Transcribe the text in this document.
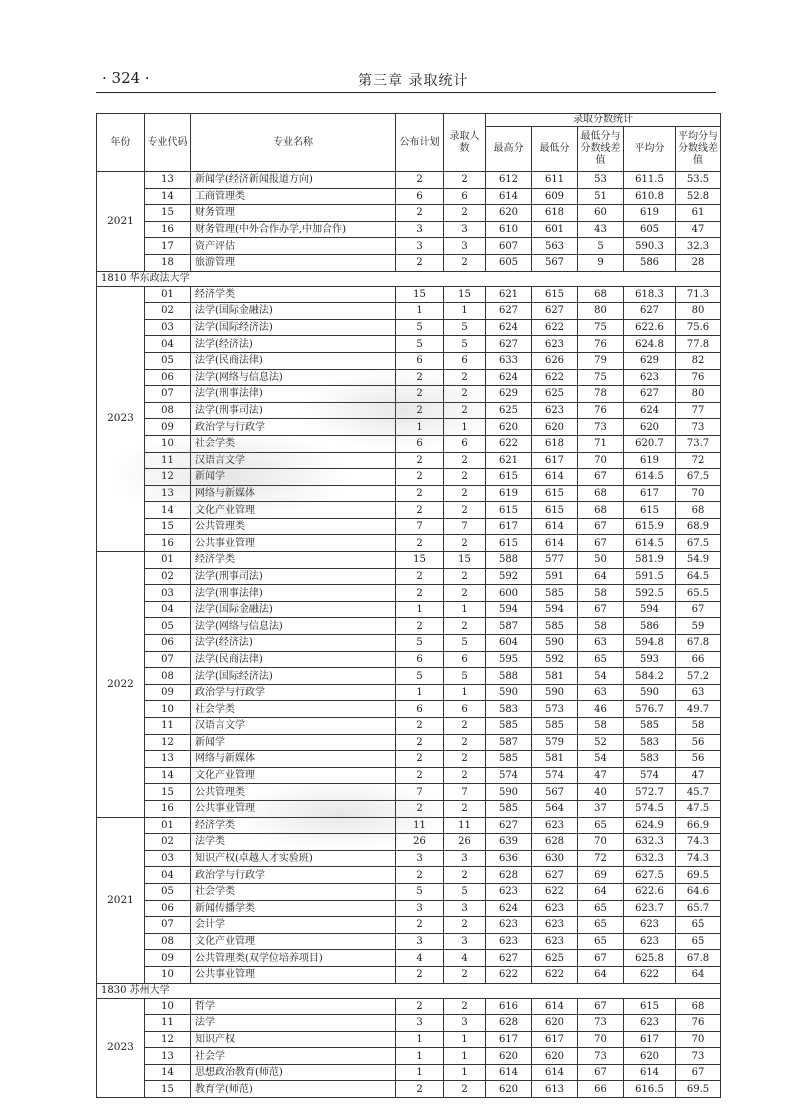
· 324 ·	第三章 录取统计
年份	专业代码	专业名称	公布计划	录取人数	录取分数统计				
					最高分	最低分	最低分与分数线差值	平均分	平均分与分数线差值
2021	13	新闻学(经济新闻报道方向)	2	2	612	611	53	611.5	53.5
	14	工商管理类	6	6	614	609	51	610.8	52.8
	15	财务管理	2	2	620	618	60	619	61
	16	财务管理(中外合作办学,中加合作)	3	3	610	601	43	605	47
	17	资产评估	3	3	607	563	5	590.3	32.3
	18	旅游管理	2	2	605	567	9	586	28
1810 华东政法大学									
2023	01	经济学类	15	15	621	615	68	618.3	71.3
	02	法学(国际金融法)	1	1	627	627	80	627	80
	03	法学(国际经济法)	5	5	624	622	75	622.6	75.6
	04	法学(经济法)	5	5	627	623	76	624.8	77.8
	05	法学(民商法律)	6	6	633	626	79	629	82
	06	法学(网络与信息法)	2	2	624	622	75	623	76
	07	法学(刑事法律)	2	2	629	625	78	627	80
	08	法学(刑事司法)	2	2	625	623	76	624	77
	09	政治学与行政学	1	1	620	620	73	620	73
	10	社会学类	6	6	622	618	71	620.7	73.7
	11	汉语言文学	2	2	621	617	70	619	72
	12	新闻学	2	2	615	614	67	614.5	67.5
	13	网络与新媒体	2	2	619	615	68	617	70
	14	文化产业管理	2	2	615	615	68	615	68
	15	公共管理类	7	7	617	614	67	615.9	68.9
	16	公共事业管理	2	2	615	614	67	614.5	67.5
2022	01	经济学类	15	15	588	577	50	581.9	54.9
	02	法学(刑事司法)	2	2	592	591	64	591.5	64.5
	03	法学(刑事法律)	2	2	600	585	58	592.5	65.5
	04	法学(国际金融法)	1	1	594	594	67	594	67
	05	法学(网络与信息法)	2	2	587	585	58	586	59
	06	法学(经济法)	5	5	604	590	63	594.8	67.8
	07	法学(民商法律)	6	6	595	592	65	593	66
	08	法学(国际经济法)	5	5	588	581	54	584.2	57.2
	09	政治学与行政学	1	1	590	590	63	590	63
	10	社会学类	6	6	583	573	46	576.7	49.7
	11	汉语言文学	2	2	585	585	58	585	58
	12	新闻学	2	2	587	579	52	583	56
	13	网络与新媒体	2	2	585	581	54	583	56
	14	文化产业管理	2	2	574	574	47	574	47
	15	公共管理类	7	7	590	567	40	572.7	45.7
	16	公共事业管理	2	2	585	564	37	574.5	47.5
2021	01	经济学类	11	11	627	623	65	624.9	66.9
	02	法学类	26	26	639	628	70	632.3	74.3
	03	知识产权(卓越人才实验班)	3	3	636	630	72	632.3	74.3
	04	政治学与行政学	2	2	628	627	69	627.5	69.5
	05	社会学类	5	5	623	622	64	622.6	64.6
	06	新闻传播学类	3	3	624	623	65	623.7	65.7
	07	会计学	2	2	623	623	65	623	65
	08	文化产业管理	3	3	623	623	65	623	65
	09	公共管理类(双学位培养项目)	4	4	627	625	67	625.8	67.8
	10	公共事业管理	2	2	622	622	64	622	64
1830 苏州大学									
2023	10	哲学	2	2	616	614	67	615	68
	11	法学	3	3	628	620	73	623	76
	12	知识产权	1	1	617	617	70	617	70
	13	社会学	1	1	620	620	73	620	73
	14	思想政治教育(师范)	1	1	614	614	67	614	67
	15	教育学(师范)	2	2	620	613	66	616.5	69.5
